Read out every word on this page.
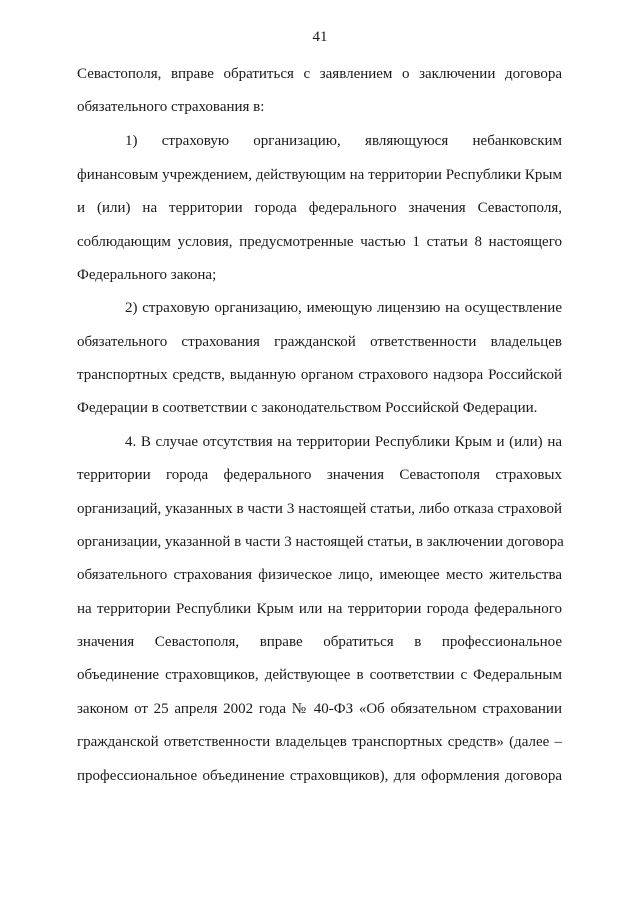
41
Севастополя, вправе обратиться с заявлением о заключении договора
обязательного страхования в:
1) страховую организацию, являющуюся небанковским
финансовым учреждением, действующим на территории Республики Крым
и (или) на территории города федерального значения Севастополя,
соблюдающим условия, предусмотренные частью 1 статьи 8 настоящего
Федерального закона;
2) страховую организацию, имеющую лицензию на осуществление
обязательного страхования гражданской ответственности владельцев
транспортных средств, выданную органом страхового надзора Российской
Федерации в соответствии с законодательством Российской Федерации.
4. В случае отсутствия на территории Республики Крым и (или) на
территории города федерального значения Севастополя страховых
организаций, указанных в части 3 настоящей статьи, либо отказа страховой
организации, указанной в части 3 настоящей статьи, в заключении договора
обязательного страхования физическое лицо, имеющее место жительства
на территории Республики Крым или на территории города федерального
значения Севастополя, вправе обратиться в профессиональное
объединение страховщиков, действующее в соответствии с Федеральным
законом от 25 апреля 2002 года № 40-ФЗ «Об обязательном страховании
гражданской ответственности владельцев транспортных средств» (далее –
профессиональное объединение страховщиков), для оформления договора
